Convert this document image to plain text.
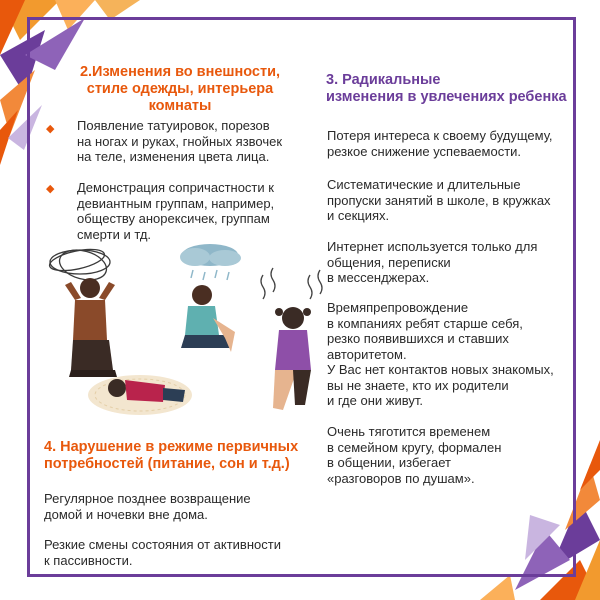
2.Изменения во внешности,
стиле одежды, интерьера
комнаты
◆ Появление татуировок, порезов
на ногах и руках, гнойных язвочек
на теле, изменения цвета лица.
◆ Демонстрация сопричастности к
девиантным группам, например,
обществу анорексичек, группам
смерти и тд.
3. Радикальные
изменения в увлечениях ребенка
Потеря интереса к своему будущему,
резкое снижение успеваемости.
Систематические и длительные
пропуски занятий в школе, в кружках
и секциях.
Интернет используется только для
общения, переписки
в мессенджерах.
Времяпрепровождение
в компаниях ребят старше себя,
резко появившихся и ставших
авторитетом.
У Вас нет контактов новых знакомых,
вы не знаете, кто их родители
и где они живут.
Очень тяготится временем
в семейном кругу, формален
в общении, избегает
«разговоров по душам».
4. Нарушение в режиме первичных
потребностей (питание, сон и т.д.)
Регулярное позднее возвращение
домой и ночевки вне дома.
Резкие смены состояния от активности
к пассивности.
